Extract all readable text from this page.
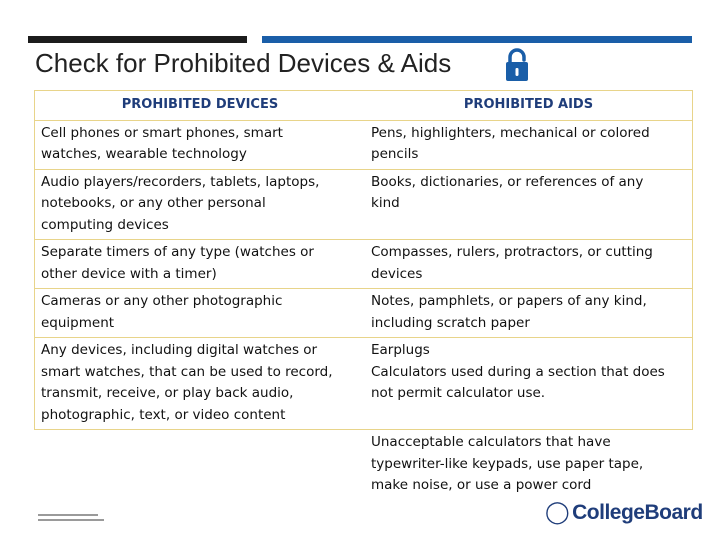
Check for Prohibited Devices & Aids
PROHIBITED DEVICES	PROHIBITED AIDS

Cell phones or smart phones, smart
watches, wearable technology	Pens, highlighters, mechanical or colored
pencils

Audio players/recorders, tablets, laptops,
notebooks, or any other personal
computing devices	Books, dictionaries, or references of any
kind

Separate timers of any type (watches or
other device with a timer)	Compasses, rulers, protractors, or cutting
devices

Cameras or any other photographic
equipment	Notes, pamphlets, or papers of any kind,
including scratch paper

Any devices, including digital watches or
smart watches, that can be used to record,
transmit, receive, or play back audio,
photographic, text, or video content	Earplugs
Calculators used during a section that does
not permit calculator use.

	Unacceptable calculators that have
typewriter-like keypads, use paper tape,
make noise, or use a power cord
◯ CollegeBoard
